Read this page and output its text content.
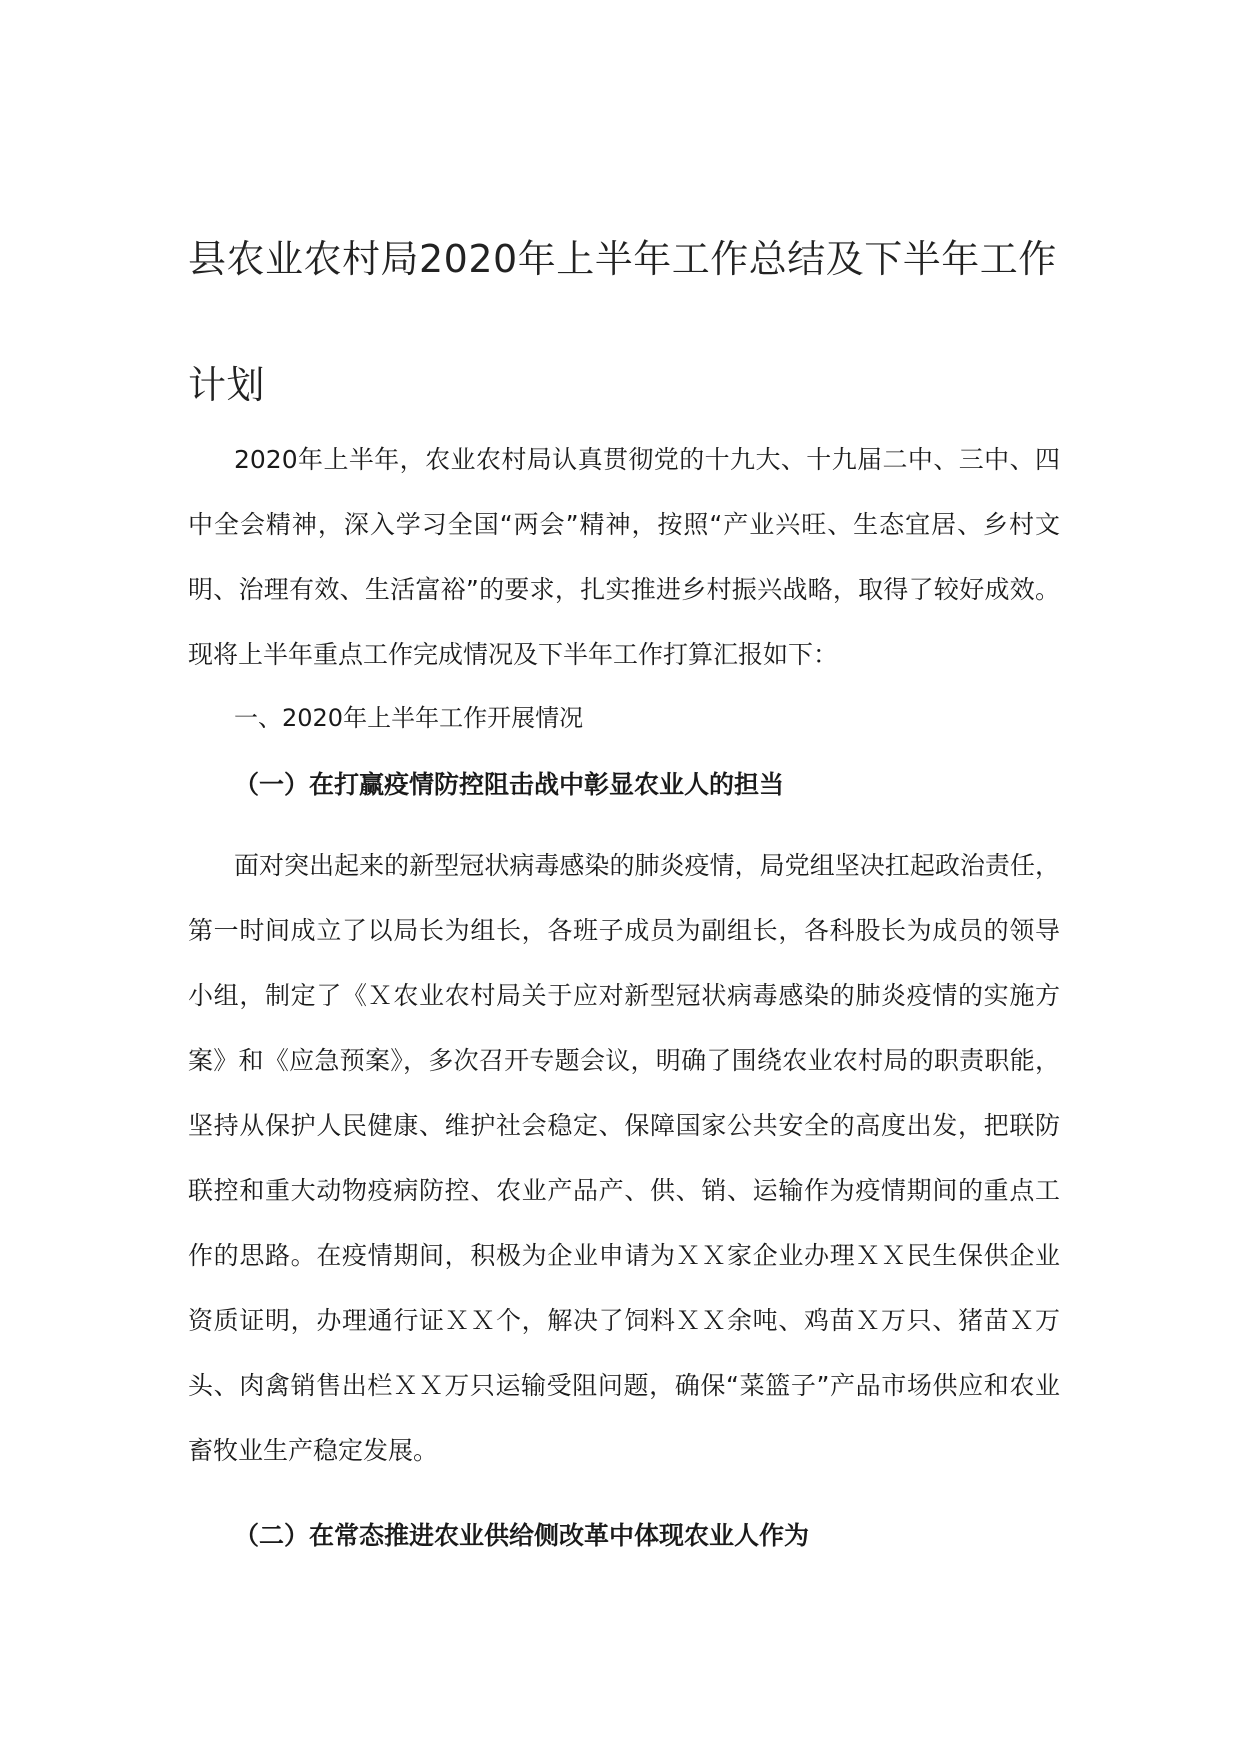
县农业农村局2020年上半年工作总结及下半年工作计划

2020年上半年，农业农村局认真贯彻党的十九大、十九届二中、三中、四中全会精神，深入学习全国“两会”精神，按照“产业兴旺、生态宜居、乡村文明、治理有效、生活富裕”的要求，扎实推进乡村振兴战略，取得了较好成效。现将上半年重点工作完成情况及下半年工作打算汇报如下：

一、2020年上半年工作开展情况

（一）在打赢疫情防控阻击战中彰显农业人的担当

面对突出起来的新型冠状病毒感染的肺炎疫情，局党组坚决扛起政治责任，第一时间成立了以局长为组长，各班子成员为副组长，各科股长为成员的领导小组，制定了《Ｘ农业农村局关于应对新型冠状病毒感染的肺炎疫情的实施方案》和《应急预案》，多次召开专题会议，明确了围绕农业农村局的职责职能，坚持从保护人民健康、维护社会稳定、保障国家公共安全的高度出发，把联防联控和重大动物疫病防控、农业产品产、供、销、运输作为疫情期间的重点工作的思路。在疫情期间，积极为企业申请为ＸＸ家企业办理ＸＸ民生保供企业资质证明，办理通行证ＸＸ个，解决了饲料ＸＸ余吨、鸡苗Ｘ万只、猪苗Ｘ万头、肉禽销售出栏ＸＸ万只运输受阻问题，确保“菜篮子”产品市场供应和农业畜牧业生产稳定发展。

（二）在常态推进农业供给侧改革中体现农业人作为
